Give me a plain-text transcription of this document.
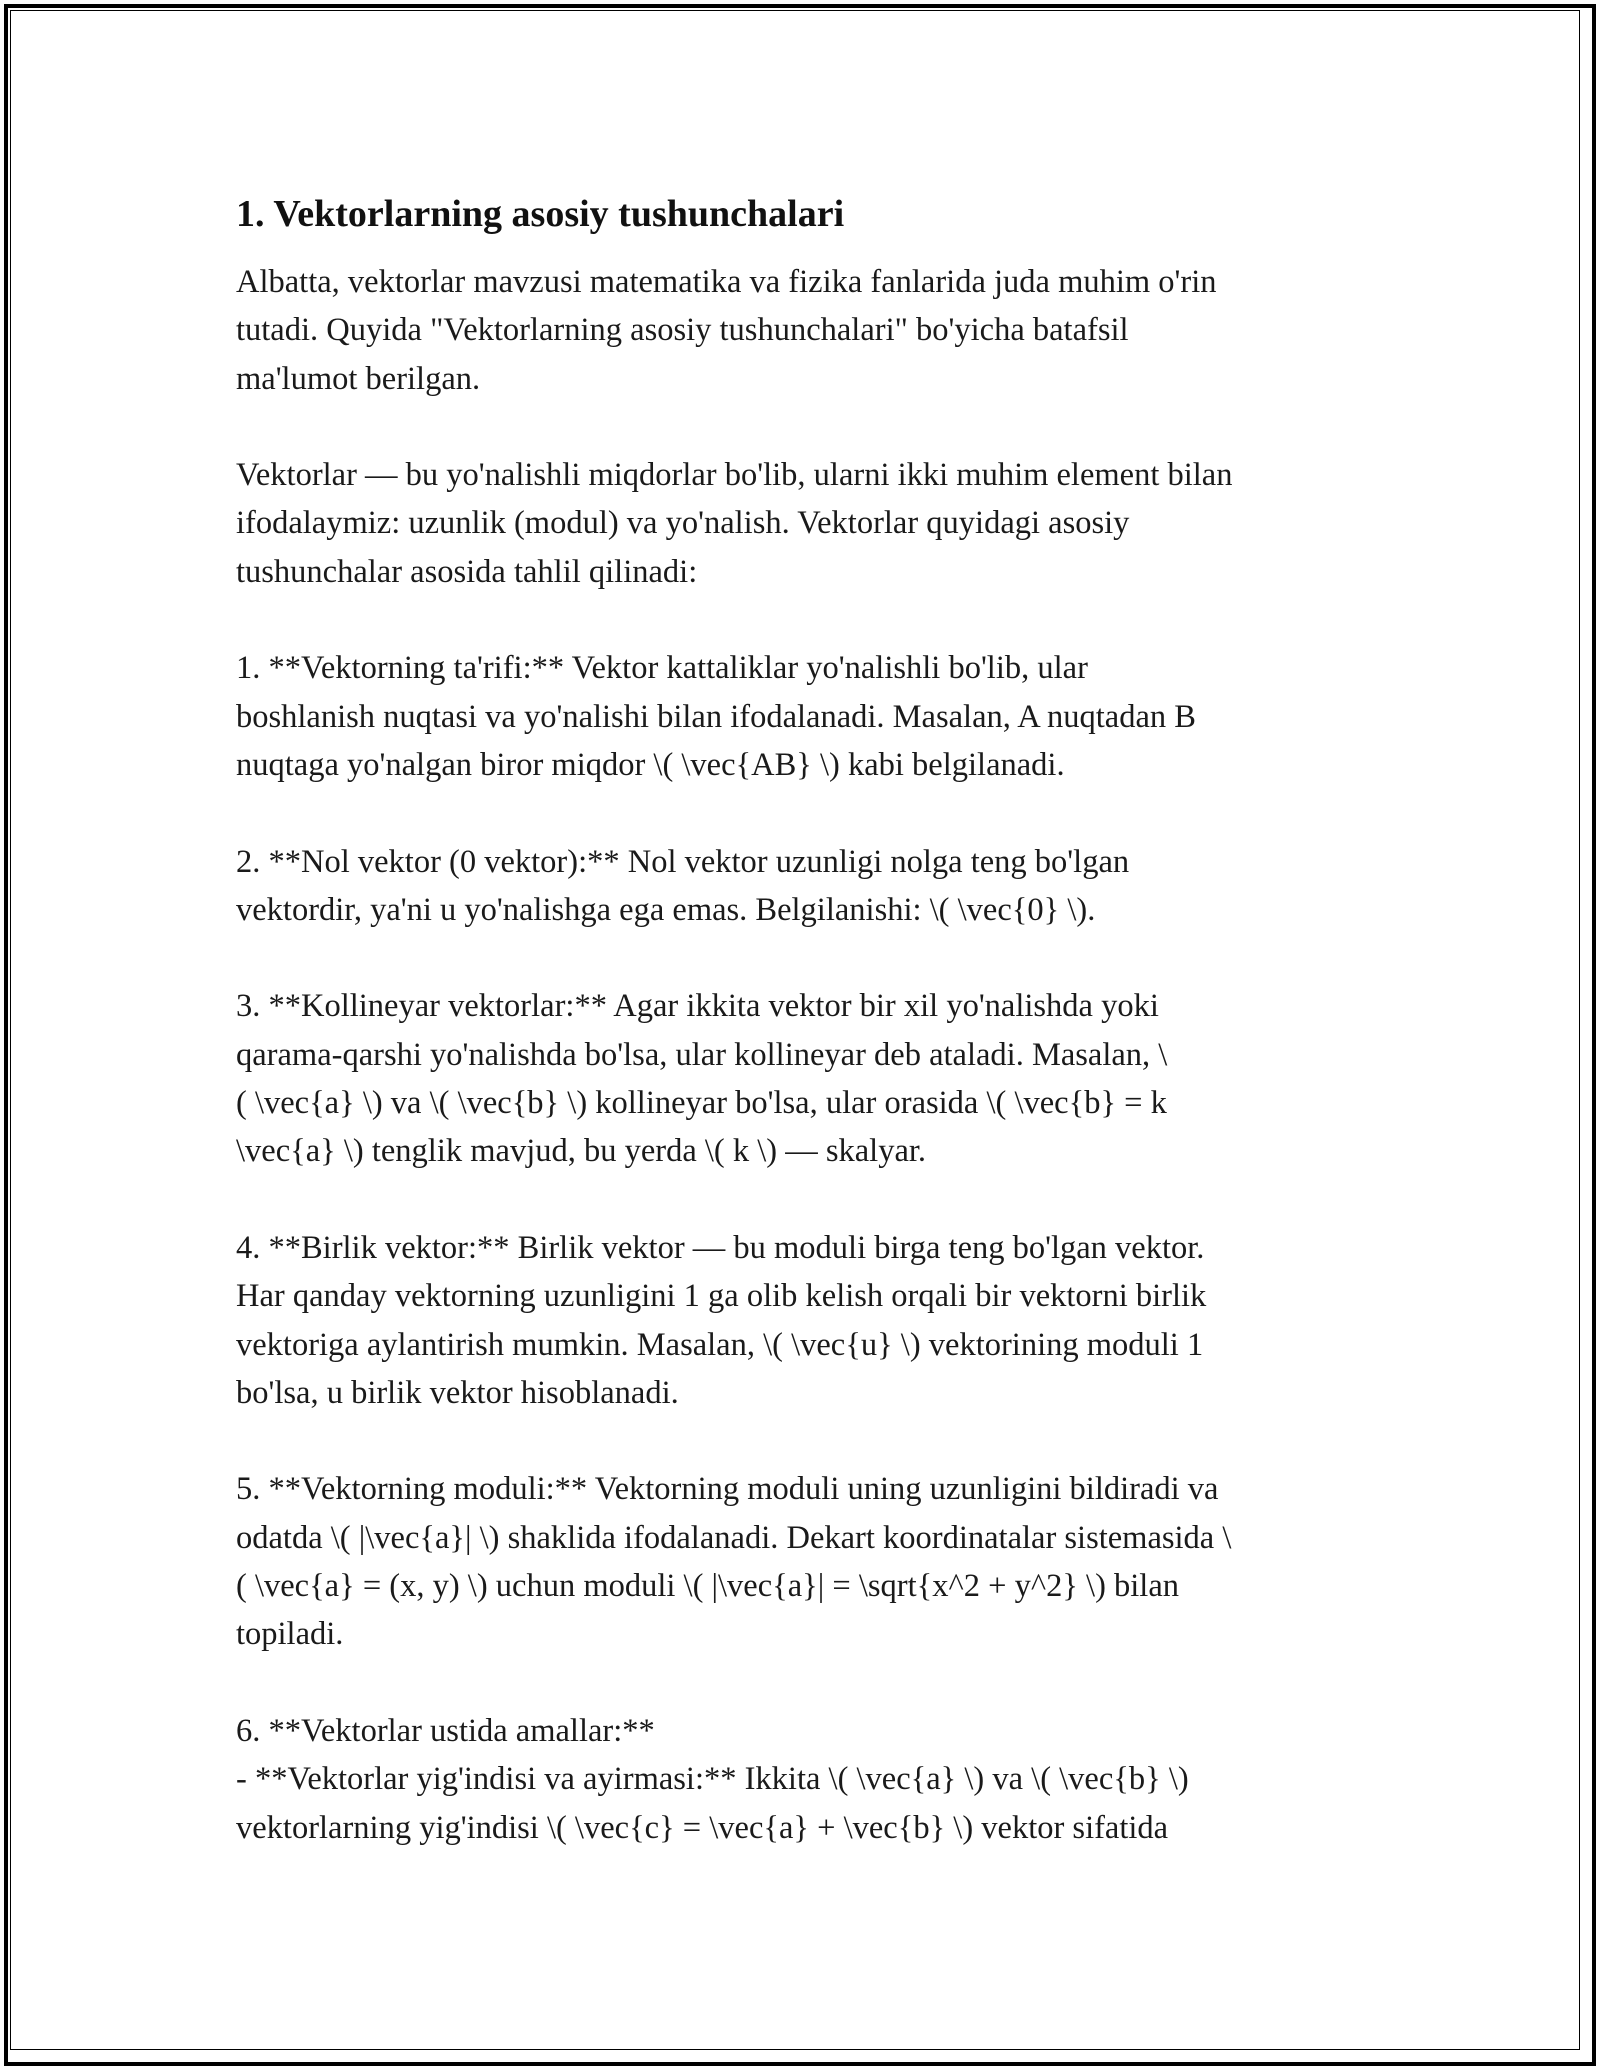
1. Vektorlarning asosiy tushunchalari

Albatta, vektorlar mavzusi matematika va fizika fanlarida juda muhim o'rin
tutadi. Quyida "Vektorlarning asosiy tushunchalari" bo'yicha batafsil
ma'lumot berilgan.

Vektorlar — bu yo'nalishli miqdorlar bo'lib, ularni ikki muhim element bilan
ifodalaymiz: uzunlik (modul) va yo'nalish. Vektorlar quyidagi asosiy
tushunchalar asosida tahlil qilinadi:

1. **Vektorning ta'rifi:** Vektor kattaliklar yo'nalishli bo'lib, ular
boshlanish nuqtasi va yo'nalishi bilan ifodalanadi. Masalan, A nuqtadan B
nuqtaga yo'nalgan biror miqdor \( \vec{AB} \) kabi belgilanadi.

2. **Nol vektor (0 vektor):** Nol vektor uzunligi nolga teng bo'lgan
vektordir, ya'ni u yo'nalishga ega emas. Belgilanishi: \( \vec{0} \).

3. **Kollineyar vektorlar:** Agar ikkita vektor bir xil yo'nalishda yoki
qarama-qarshi yo'nalishda bo'lsa, ular kollineyar deb ataladi. Masalan, \
( \vec{a} \) va \( \vec{b} \) kollineyar bo'lsa, ular orasida \( \vec{b} = k
\vec{a} \) tenglik mavjud, bu yerda \( k \) — skalyar.

4. **Birlik vektor:** Birlik vektor — bu moduli birga teng bo'lgan vektor.
Har qanday vektorning uzunligini 1 ga olib kelish orqali bir vektorni birlik
vektoriga aylantirish mumkin. Masalan, \( \vec{u} \) vektorining moduli 1
bo'lsa, u birlik vektor hisoblanadi.

5. **Vektorning moduli:** Vektorning moduli uning uzunligini bildiradi va
odatda \( |\vec{a}| \) shaklida ifodalanadi. Dekart koordinatalar sistemasida \
( \vec{a} = (x, y) \) uchun moduli \( |\vec{a}| = \sqrt{x^2 + y^2} \) bilan
topiladi.

6. **Vektorlar ustida amallar:**
- **Vektorlar yig'indisi va ayirmasi:** Ikkita \( \vec{a} \) va \( \vec{b} \)
vektorlarning yig'indisi \( \vec{c} = \vec{a} + \vec{b} \) vektor sifatida
